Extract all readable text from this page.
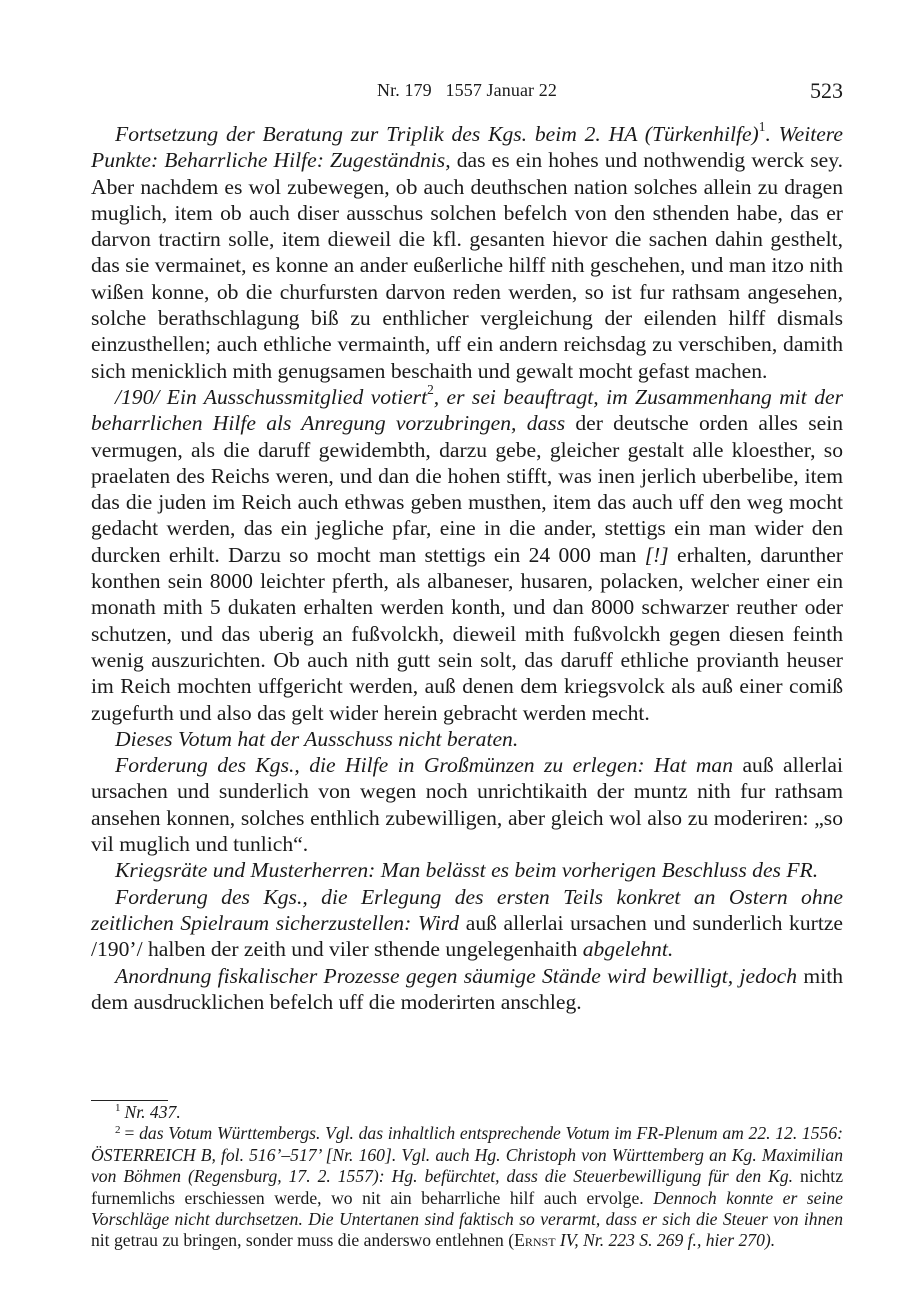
Nr. 179   1557 Januar 22	523

Fortsetzung der Beratung zur Triplik des Kgs. beim 2. HA (Türkenhilfe)$^1$. Weitere Punkte: Beharrliche Hilfe: Zugeständnis, das es ein hohes und nothwendig werck sey. Aber nachdem es wol zubewegen, ob auch deuthschen nation solches allein zu dragen muglich, item ob auch diser ausschus solchen befelch von den sthenden habe, das er darvon tractirn solle, item dieweil die kfl. gesanten hievor die sachen dahin gesthelt, das sie vermainet, es konne an ander eußerliche hilff nith geschehen, und man itzo nith wißen konne, ob die churfursten darvon reden werden, so ist fur rathsam angesehen, solche berathschlagung biß zu enthlicher vergleichung der eilenden hilff dismals einzusthellen; auch ethliche vermainth, uff ein andern reichsdag zu verschiben, damith sich menicklich mith genugsamen beschaith und gewalt mocht gefast machen.

/190/ Ein Ausschussmitglied votiert$^2$, er sei beauftragt, im Zusammenhang mit der beharrlichen Hilfe als Anregung vorzubringen, dass der deutsche orden alles sein vermugen, als die daruff gewidembth, darzu gebe, gleicher gestalt alle kloesther, so praelaten des Reichs weren, und dan die hohen stifft, was inen jerlich uberbelibe, item das die juden im Reich auch ethwas geben musthen, item das auch uff den weg mocht gedacht werden, das ein jegliche pfar, eine in die ander, stettigs ein man wider den durcken erhilt. Darzu so mocht man stettigs ein 24 000 man [!] erhalten, darunther konthen sein 8000 leichter pferth, als albaneser, husaren, polacken, welcher einer ein monath mith 5 dukaten erhalten werden konth, und dan 8000 schwarzer reuther oder schutzen, und das uberig an fußvolckh, dieweil mith fußvolckh gegen diesen feinth wenig auszurichten. Ob auch nith gutt sein solt, das daruff ethliche provianth heuser im Reich mochten uffgericht werden, auß denen dem kriegsvolck als auß einer comiß zugefurth und also das gelt wider herein gebracht werden mecht.

Dieses Votum hat der Ausschuss nicht beraten.

Forderung des Kgs., die Hilfe in Großmünzen zu erlegen: Hat man auß allerlai ursachen und sunderlich von wegen noch unrichtikaith der muntz nith fur rathsam ansehen konnen, solches enthlich zubewilligen, aber gleich wol also zu moderiren: „so vil muglich und tunlich“.

Kriegsräte und Musterherren: Man belässt es beim vorherigen Beschluss des FR.

Forderung des Kgs., die Erlegung des ersten Teils konkret an Ostern ohne zeitlichen Spielraum sicherzustellen: Wird auß allerlai ursachen und sunderlich kurtze /190’/ halben der zeith und viler sthende ungelegenhaith abgelehnt.

Anordnung fiskalischer Prozesse gegen säumige Stände wird bewilligt, jedoch mith dem ausdrucklichen befelch uff die moderirten anschleg.

$^1$ Nr. 437.

$^2$ = das Votum Württembergs. Vgl. das inhaltlich entsprechende Votum im FR-Plenum am 22. 12. 1556: ÖSTERREICH B, fol. 516’–517’ [Nr. 160]. Vgl. auch Hg. Christoph von Württemberg an Kg. Maximilian von Böhmen (Regensburg, 17. 2. 1557): Hg. befürchtet, dass die Steuerbewilligung für den Kg. nichtz furnemlichs erschiessen werde, wo nit ain beharrliche hilf auch ervolge. Dennoch konnte er seine Vorschläge nicht durchsetzen. Die Untertanen sind faktisch so verarmt, dass er sich die Steuer von ihnen nit getrau zu bringen, sonder muss die anderswo entlehnen (Ernst IV, Nr. 223 S. 269 f., hier 270).
